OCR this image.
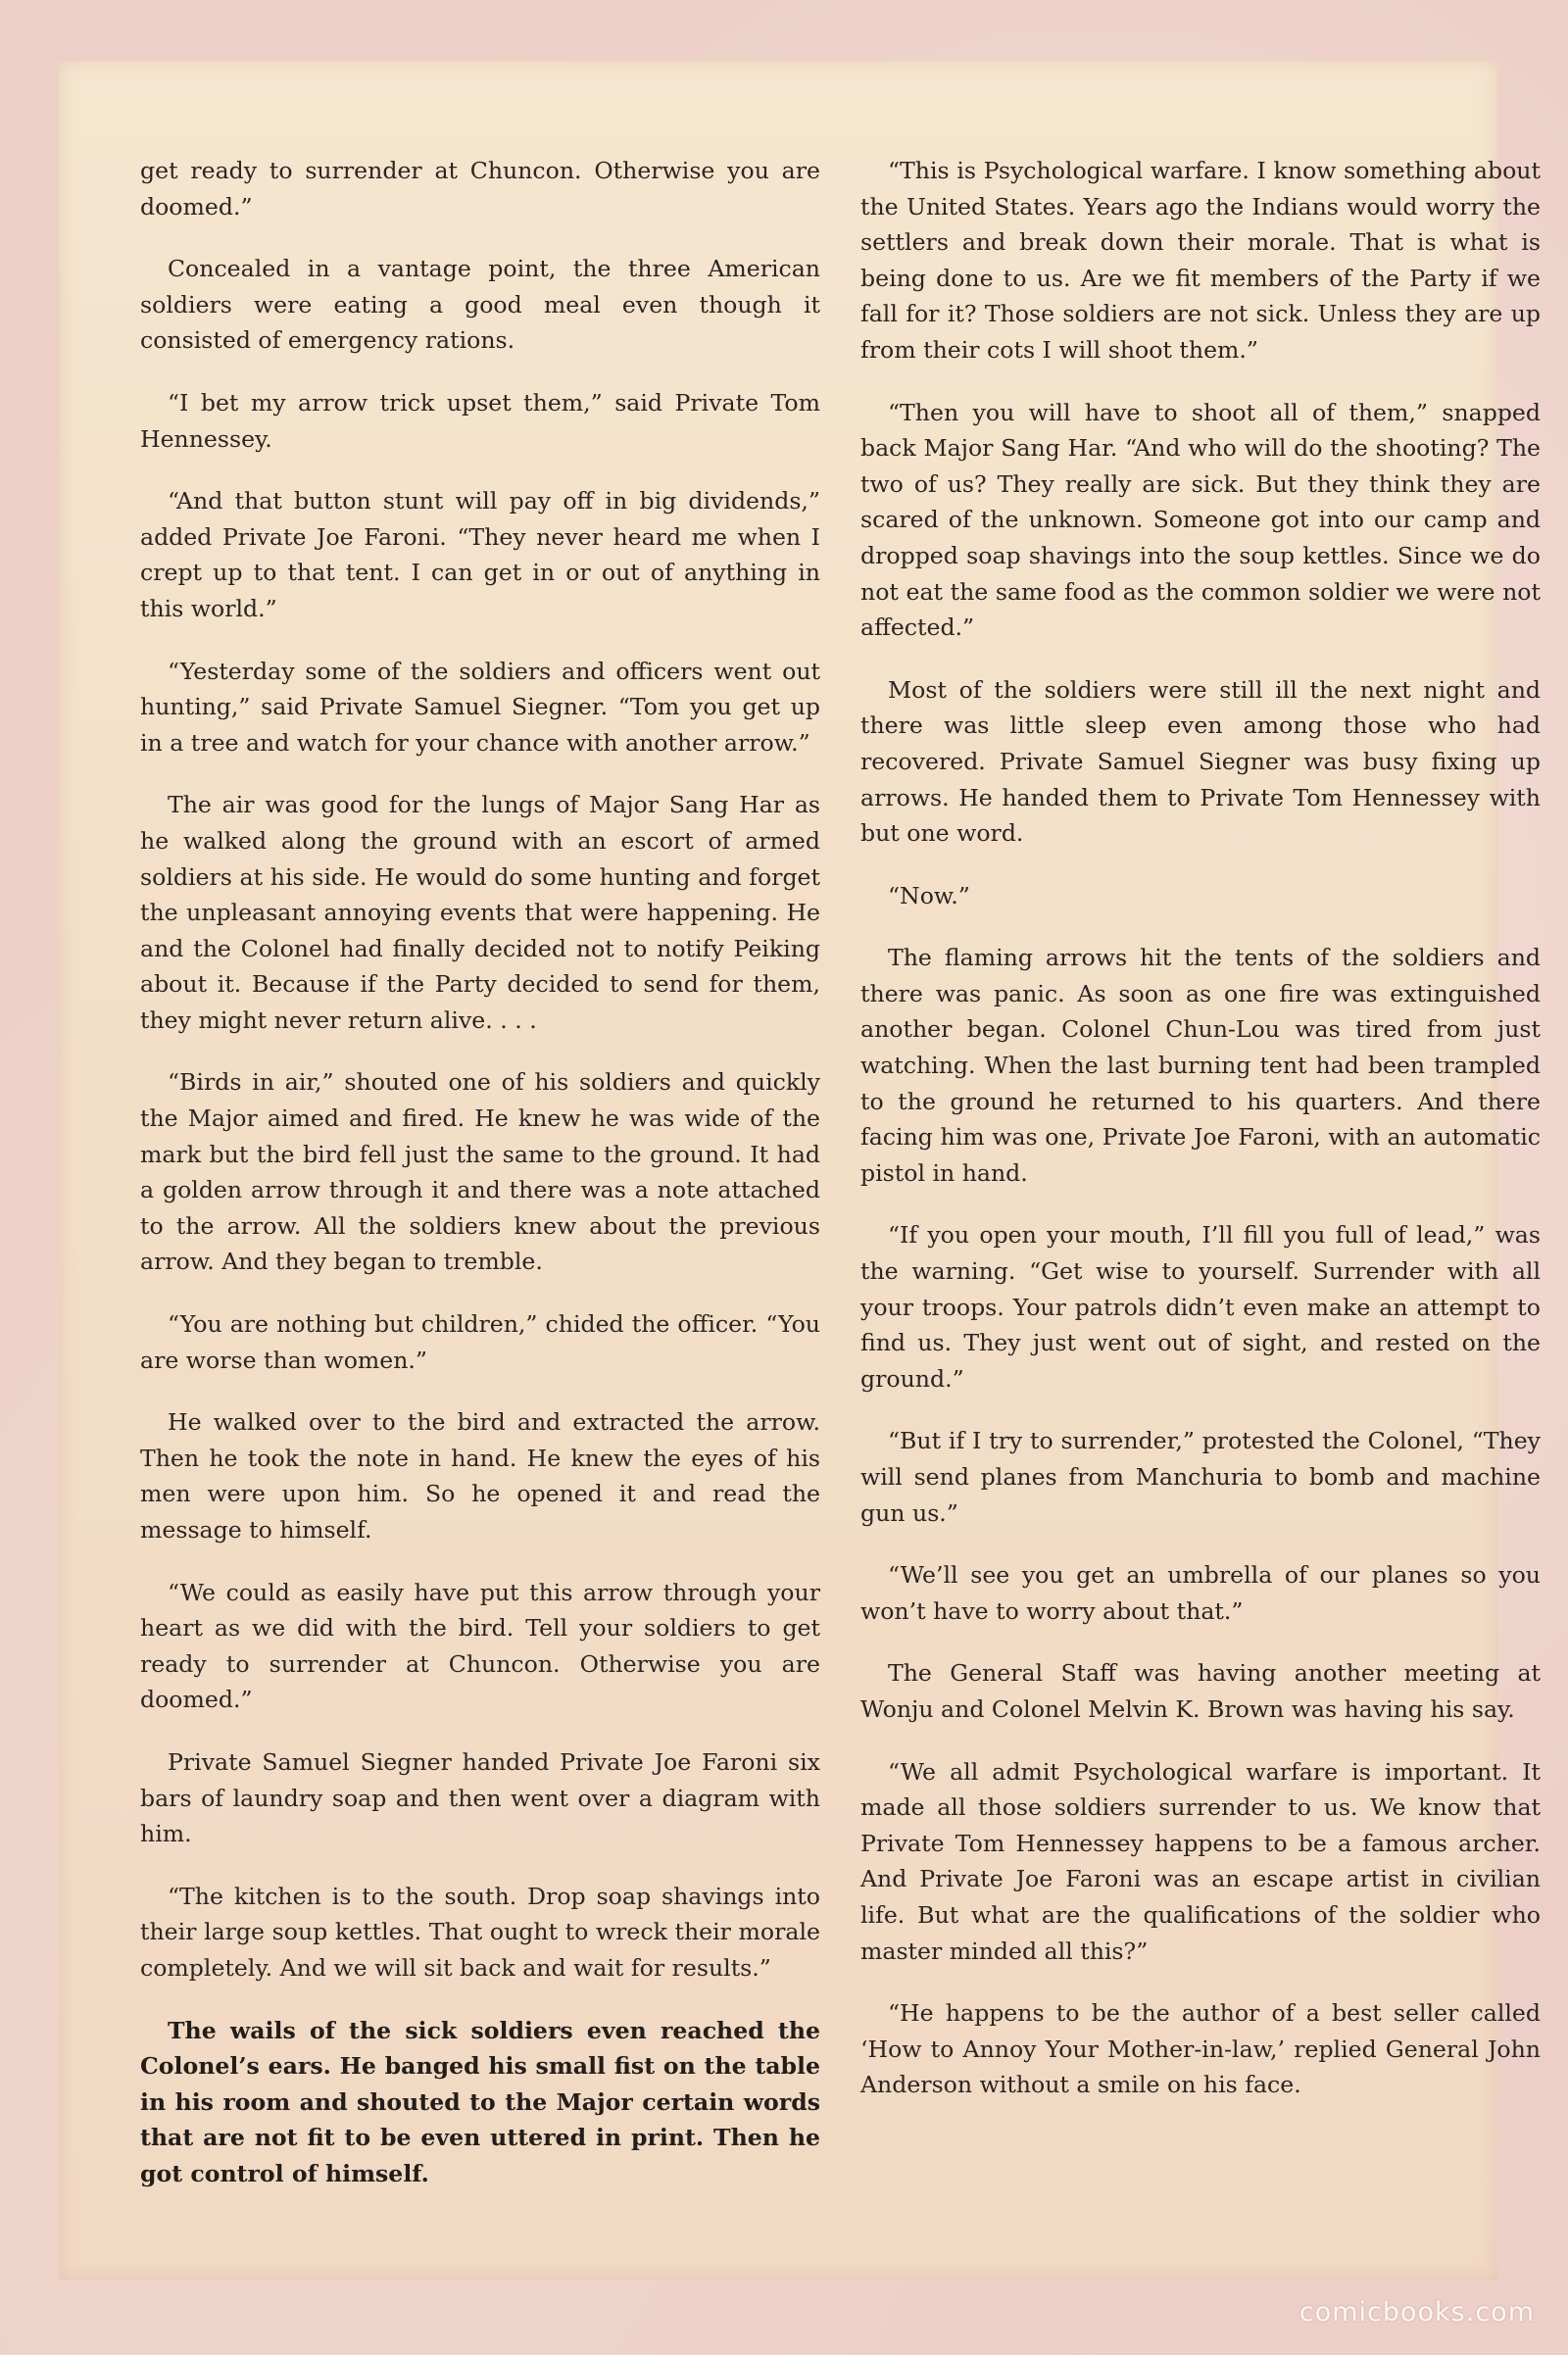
get ready to surrender at Chuncon. Otherwise you are doomed.”

Concealed in a vantage point, the three American soldiers were eating a good meal even though it consisted of emergency rations.

“I bet my arrow trick upset them,” said Private Tom Hennessey.

“And that button stunt will pay off in big dividends,” added Private Joe Faroni. “They never heard me when I crept up to that tent. I can get in or out of anything in this world.”

“Yesterday some of the soldiers and officers went out hunting,” said Private Samuel Siegner. “Tom you get up in a tree and watch for your chance with another arrow.”

The air was good for the lungs of Major Sang Har as he walked along the ground with an escort of armed soldiers at his side. He would do some hunting and forget the unpleasant annoying events that were happening. He and the Colonel had finally decided not to notify Peiking about it. Because if the Party decided to send for them, they might never return alive. . . .

“Birds in air,” shouted one of his soldiers and quickly the Major aimed and fired. He knew he was wide of the mark but the bird fell just the same to the ground. It had a golden arrow through it and there was a note attached to the arrow. All the soldiers knew about the previous arrow. And they began to tremble.

“You are nothing but children,” chided the officer. “You are worse than women.”

He walked over to the bird and extracted the arrow. Then he took the note in hand. He knew the eyes of his men were upon him. So he opened it and read the message to himself.

“We could as easily have put this arrow through your heart as we did with the bird. Tell your soldiers to get ready to surrender at Chuncon. Otherwise you are doomed.”

Private Samuel Siegner handed Private Joe Faroni six bars of laundry soap and then went over a diagram with him.

“The kitchen is to the south. Drop soap shavings into their large soup kettles. That ought to wreck their morale completely. And we will sit back and wait for results.”

The wails of the sick soldiers even reached the Colonel’s ears. He banged his small fist on the table in his room and shouted to the Major certain words that are not fit to be even uttered in print. Then he got control of himself.

“This is Psychological warfare. I know something about the United States. Years ago the Indians would worry the settlers and break down their morale. That is what is being done to us. Are we fit members of the Party if we fall for it? Those soldiers are not sick. Unless they are up from their cots I will shoot them.”

“Then you will have to shoot all of them,” snapped back Major Sang Har. “And who will do the shooting? The two of us? They really are sick. But they think they are scared of the unknown. Someone got into our camp and dropped soap shavings into the soup kettles. Since we do not eat the same food as the common soldier we were not affected.”

Most of the soldiers were still ill the next night and there was little sleep even among those who had recovered. Private Samuel Siegner was busy fixing up arrows. He handed them to Private Tom Hennessey with but one word.

“Now.”

The flaming arrows hit the tents of the soldiers and there was panic. As soon as one fire was extinguished another began. Colonel Chun-Lou was tired from just watching. When the last burning tent had been trampled to the ground he returned to his quarters. And there facing him was one, Private Joe Faroni, with an automatic pistol in hand.

“If you open your mouth, I’ll fill you full of lead,” was the warning. “Get wise to yourself. Surrender with all your troops. Your patrols didn’t even make an attempt to find us. They just went out of sight, and rested on the ground.”

“But if I try to surrender,” protested the Colonel, “They will send planes from Manchuria to bomb and machine gun us.”

“We’ll see you get an umbrella of our planes so you won’t have to worry about that.”

The General Staff was having another meeting at Wonju and Colonel Melvin K. Brown was having his say.

“We all admit Psychological warfare is important. It made all those soldiers surrender to us. We know that Private Tom Hennessey happens to be a famous archer. And Private Joe Faroni was an escape artist in civilian life. But what are the qualifications of the soldier who master minded all this?”

“He happens to be the author of a best seller called ‘How to Annoy Your Mother-in-law,’ replied General John Anderson without a smile on his face.

comicbooks.com
